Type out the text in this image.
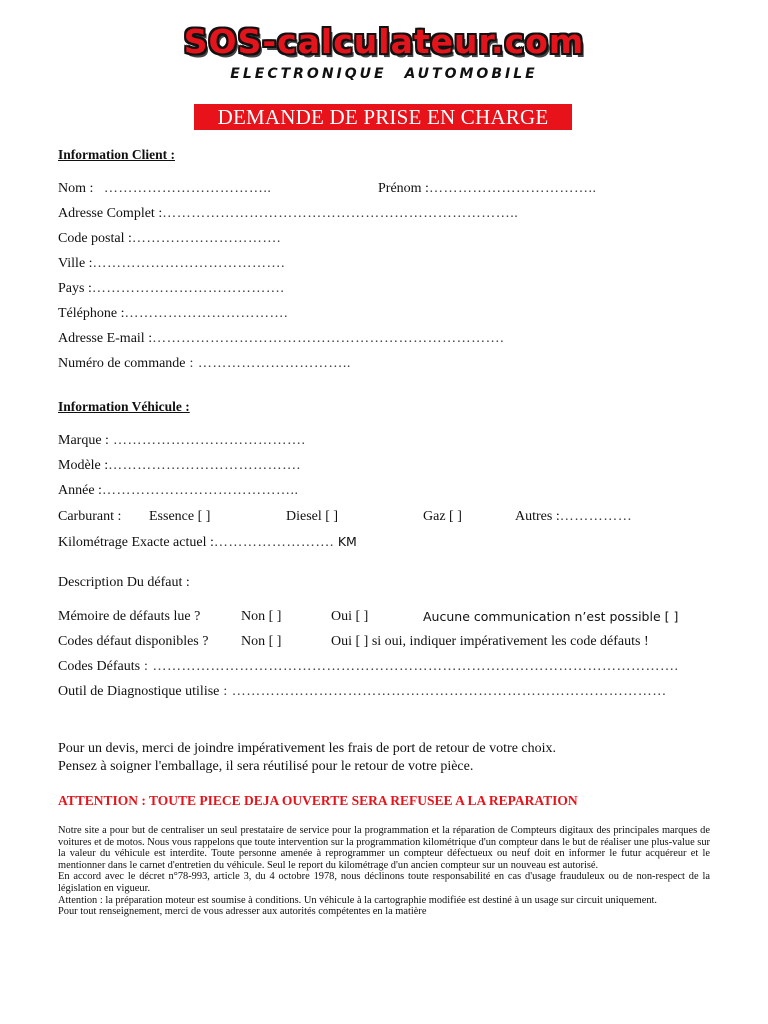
SOS-calculateur.com
ELECTRONIQUE AUTOMOBILE
DEMANDE DE PRISE EN CHARGE
Information Client :
Nom : ……………………………..	Prénom :……………………………..
Adresse Complet :………………………………………………………………..
Code postal :………………………….
Ville :………………………………….
Pays :………………………………….
Téléphone :…………………………….
Adresse E-mail :……………………………………………………………….
Numéro de commande : …………………………..
Information Véhicule :
Marque : ………………………………….
Modèle :………………………………….
Année :…………………………………..
Carburant : Essence [ ]	Diesel [ ]	Gaz [ ]	Autres :……………
Kilométrage Exacte actuel :……………………. KM
Description Du défaut :
Mémoire de défauts lue ?	Non [ ]	Oui [ ]	Aucune communication n’est possible [ ]
Codes défaut disponibles ? Non [ ]	Oui [ ] si oui, indiquer impérativement les code défauts !
Codes Défauts : ……………………………………………………………………………………………….
Outil de Diagnostique utilise : ………………………………………………………………………………
Pour un devis, merci de joindre impérativement les frais de port de retour de votre choix.
Pensez à soigner l'emballage, il sera réutilisé pour le retour de votre pièce.
ATTENTION : TOUTE PIECE DEJA OUVERTE SERA REFUSEE A LA REPARATION
Notre site a pour but de centraliser un seul prestataire de service pour la programmation et la réparation de Compteurs digitaux des principales marques de voitures et de motos. Nous vous rappelons que toute intervention sur la programmation kilométrique d'un compteur dans le but de réaliser une plus-value sur la valeur du véhicule est interdite. Toute personne amenée à reprogrammer un compteur défectueux ou neuf doit en informer le futur acquéreur et le mentionner dans le carnet d'entretien du véhicule. Seul le report du kilométrage d'un ancien compteur sur un nouveau est autorisé.
En accord avec le décret n°78-993, article 3, du 4 octobre 1978, nous déclinons toute responsabilité en cas d'usage frauduleux ou de non-respect de la législation en vigueur.
Attention : la préparation moteur est soumise à conditions. Un véhicule à la cartographie modifiée est destiné à un usage sur circuit uniquement.
Pour tout renseignement, merci de vous adresser aux autorités compétentes en la matière
